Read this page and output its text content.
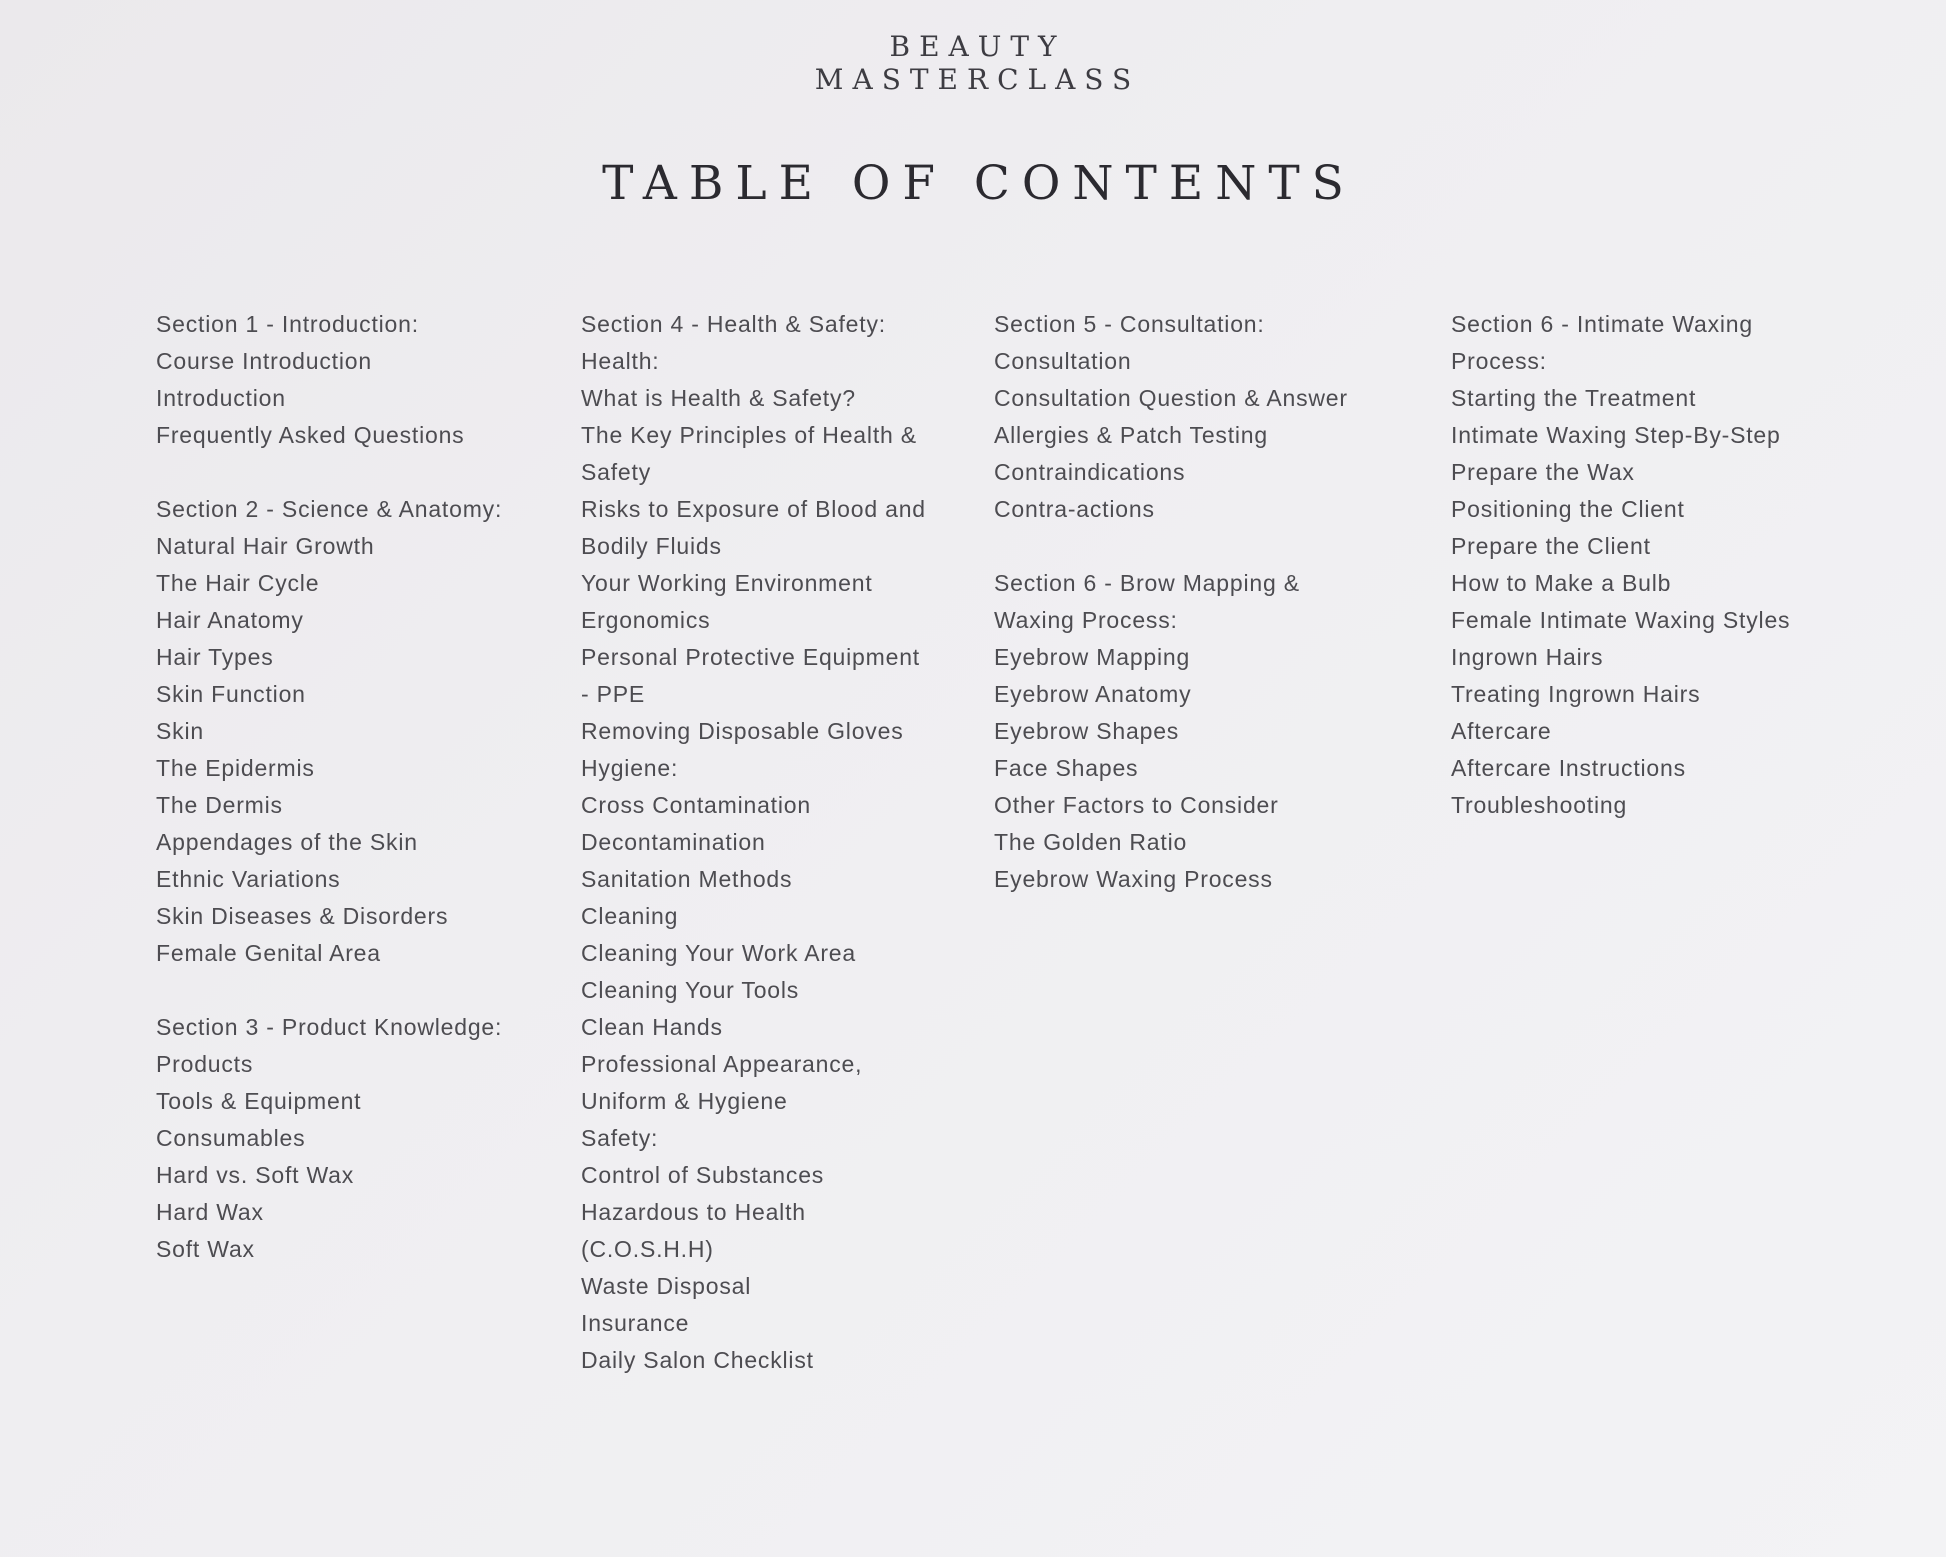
BEAUTY
MASTERCLASS
TABLE OF CONTENTS
Section 1 - Introduction:
Course Introduction
Introduction
Frequently Asked Questions
Section 2 - Science & Anatomy:
Natural Hair Growth
The Hair Cycle
Hair Anatomy
Hair Types
Skin Function
Skin
The Epidermis
The Dermis
Appendages of the Skin
Ethnic Variations
Skin Diseases & Disorders
Female Genital Area
Section 3 - Product Knowledge:
Products
Tools & Equipment
Consumables
Hard vs. Soft Wax
Hard Wax
Soft Wax
Section 4 - Health & Safety:
Health:
What is Health & Safety?
The Key Principles of Health &
Safety
Risks to Exposure of Blood and
Bodily Fluids
Your Working Environment
Ergonomics
Personal Protective Equipment
- PPE
Removing Disposable Gloves
Hygiene:
Cross Contamination
Decontamination
Sanitation Methods
Cleaning
Cleaning Your Work Area
Cleaning Your Tools
Clean Hands
Professional Appearance,
Uniform & Hygiene
Safety:
Control of Substances
Hazardous to Health
(C.O.S.H.H)
Waste Disposal
Insurance
Daily Salon Checklist
Section 5 - Consultation:
Consultation
Consultation Question & Answer
Allergies & Patch Testing
Contraindications
Contra-actions
Section 6 - Brow Mapping &
Waxing Process:
Eyebrow Mapping
Eyebrow Anatomy
Eyebrow Shapes
Face Shapes
Other Factors to Consider
The Golden Ratio
Eyebrow Waxing Process
Section 6 - Intimate Waxing
Process:
Starting the Treatment
Intimate Waxing Step-By-Step
Prepare the Wax
Positioning the Client
Prepare the Client
How to Make a Bulb
Female Intimate Waxing Styles
Ingrown Hairs
Treating Ingrown Hairs
Aftercare
Aftercare Instructions
Troubleshooting
